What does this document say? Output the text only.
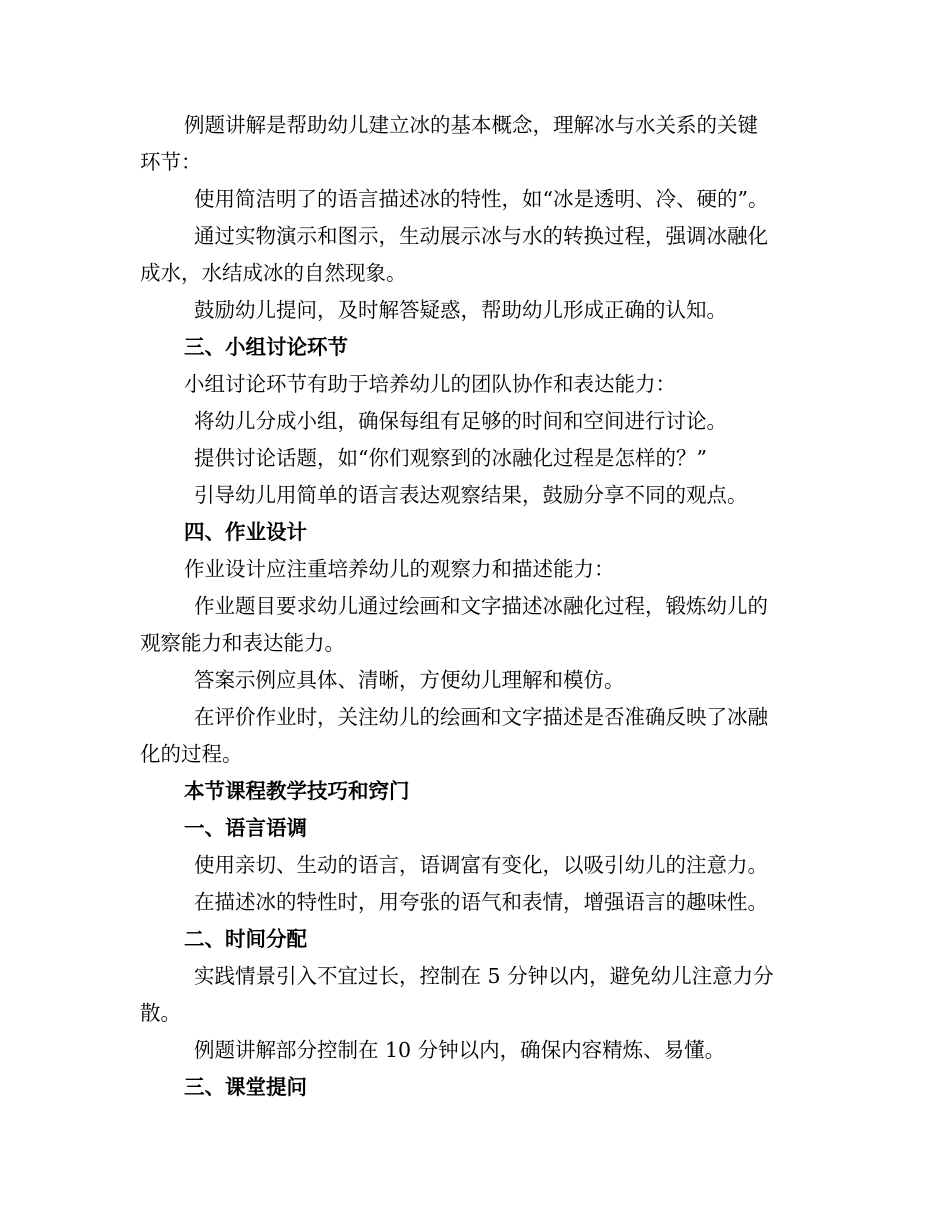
例题讲解是帮助幼儿建立冰的基本概念，理解冰与水关系的关键
环节：
使用简洁明了的语言描述冰的特性，如“冰是透明、冷、硬的”。
通过实物演示和图示，生动展示冰与水的转换过程，强调冰融化
成水，水结成冰的自然现象。
鼓励幼儿提问，及时解答疑惑，帮助幼儿形成正确的认知。
三、小组讨论环节
小组讨论环节有助于培养幼儿的团队协作和表达能力：
将幼儿分成小组，确保每组有足够的时间和空间进行讨论。
提供讨论话题，如“你们观察到的冰融化过程是怎样的？”
引导幼儿用简单的语言表达观察结果，鼓励分享不同的观点。
四、作业设计
作业设计应注重培养幼儿的观察力和描述能力：
作业题目要求幼儿通过绘画和文字描述冰融化过程，锻炼幼儿的
观察能力和表达能力。
答案示例应具体、清晰，方便幼儿理解和模仿。
在评价作业时，关注幼儿的绘画和文字描述是否准确反映了冰融
化的过程。
本节课程教学技巧和窍门
一、语言语调
使用亲切、生动的语言，语调富有变化，以吸引幼儿的注意力。
在描述冰的特性时，用夸张的语气和表情，增强语言的趣味性。
二、时间分配
实践情景引入不宜过长，控制在 5 分钟以内，避免幼儿注意力分
散。
例题讲解部分控制在 10 分钟以内，确保内容精炼、易懂。
三、课堂提问
